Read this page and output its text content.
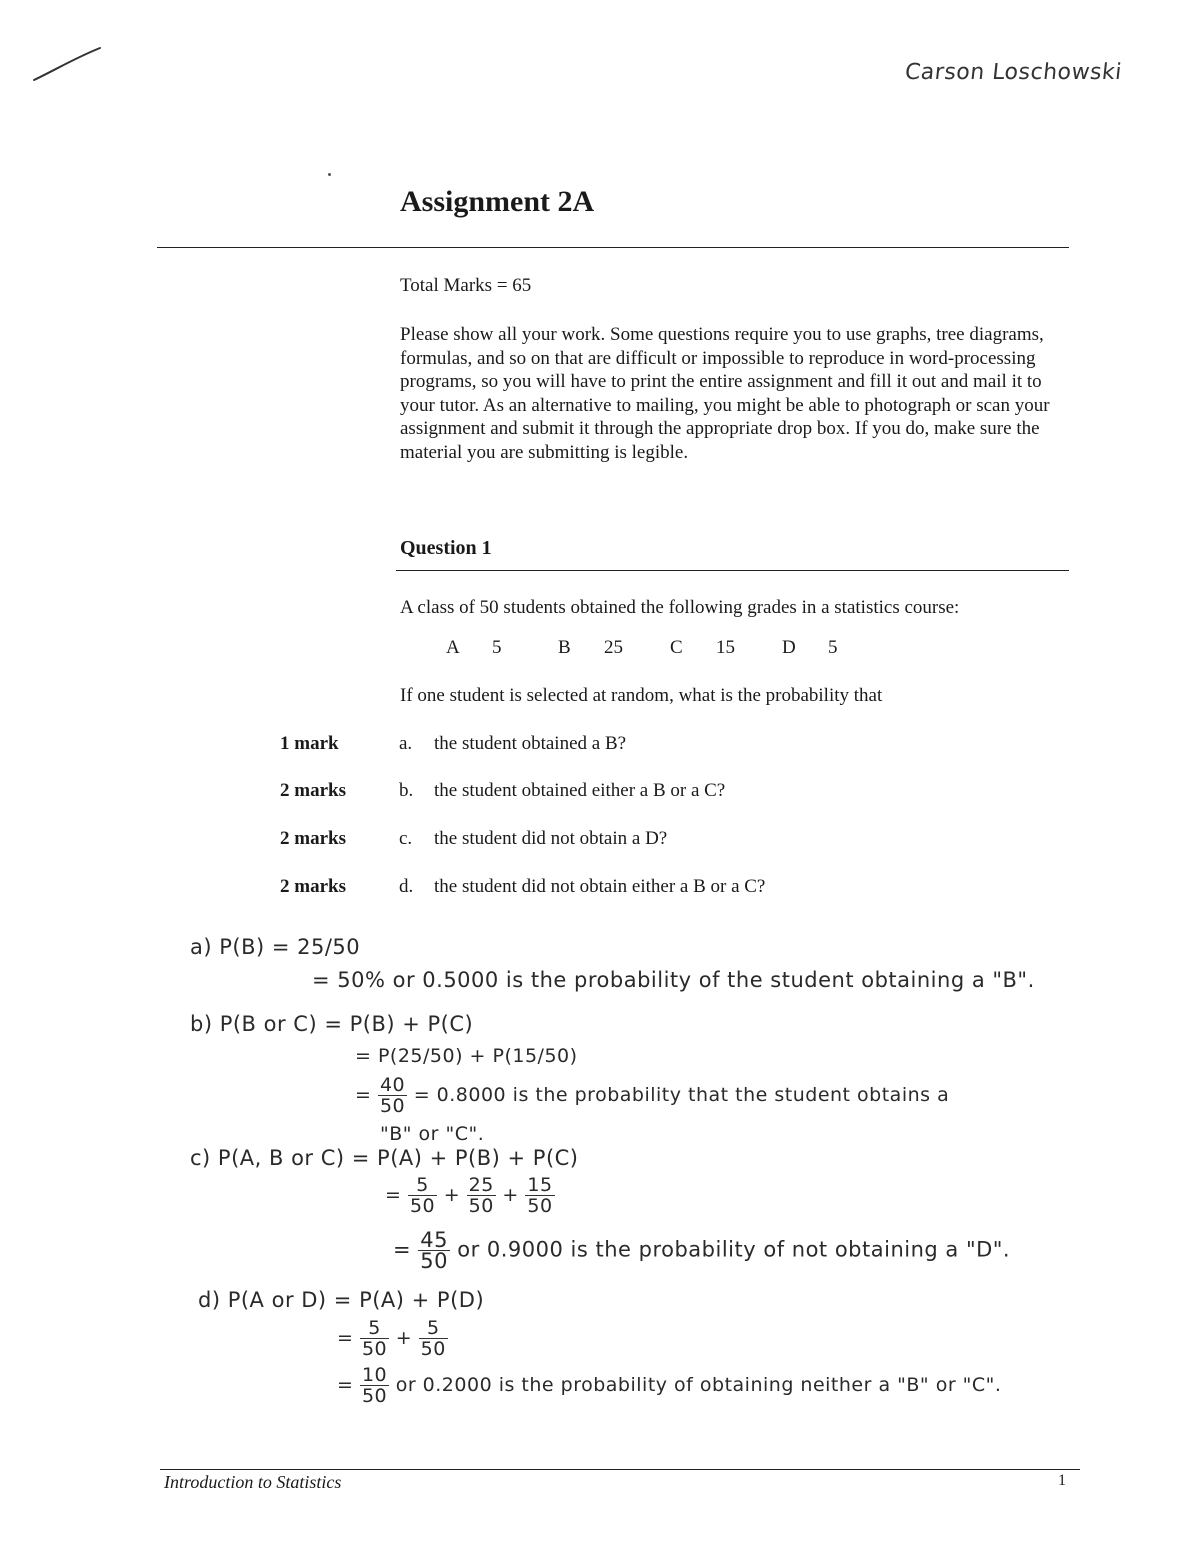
Carson Loschowski
Assignment 2A
Total Marks = 65
Please show all your work. Some questions require you to use graphs, tree diagrams, formulas, and so on that are difficult or impossible to reproduce in word-processing programs, so you will have to print the entire assignment and fill it out and mail it to your tutor. As an alternative to mailing, you might be able to photograph or scan your assignment and submit it through the appropriate drop box. If you do, make sure the material you are submitting is legible.
Question 1
A class of 50 students obtained the following grades in a statistics course:
A	5	B	25 C	15 D	5
If one student is selected at random, what is the probability that
1 mark	a. the student obtained a B?
2 marks	b. the student obtained either a B or a C?
2 marks	c. the student did not obtain a D?
2 marks	d. the student did not obtain either a B or a C?
a) P(B) = 25/50
= 50% or 0.5000 is the probability of the student obtaining a "B".
b) P(B or C) = P(B) + P(C)
= P(25/50) + P(15/50)
= $\frac{40}{50} = 0.8000$ is the probability that the student obtains a
"B" or "C".
c) P(A, B or C) = P(A) + P(B) + P(C)
= $\frac{5}{50} + \frac{25}{50} + \frac{15}{50}$
= $\frac{45}{50}$ or 0.9000 is the probability of not obtaining a "D".
d) P(A or D) = P(A) + P(D)
= $\frac{5}{50} + \frac{5}{50}$
= $\frac{10}{50}$ or 0.2000 is the probability of obtaining neither a "B" or "C".
Introduction to Statistics	1
